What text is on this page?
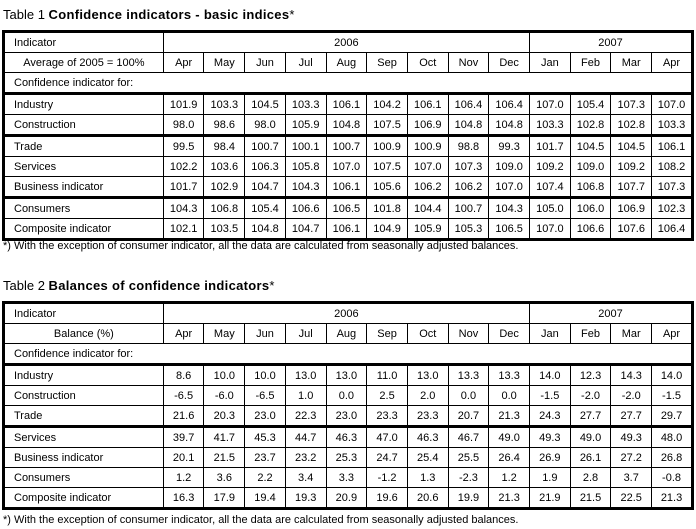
Table 1 Confidence indicators - basic indices*
Indicator	2006									2007			
Average of 2005 = 100%	Apr	May	Jun	Jul	Aug	Sep	Oct	Nov	Dec	Jan	Feb	Mar	Apr
Confidence indicator for:													
Industry	101.9	103.3	104.5	103.3	106.1	104.2	106.1	106.4	106.4	107.0	105.4	107.3	107.0
Construction	98.0	98.6	98.0	105.9	104.8	107.5	106.9	104.8	104.8	103.3	102.8	102.8	103.3
Trade	99.5	98.4	100.7	100.1	100.7	100.9	100.9	98.8	99.3	101.7	104.5	104.5	106.1
Services	102.2	103.6	106.3	105.8	107.0	107.5	107.0	107.3	109.0	109.2	109.0	109.2	108.2
Business indicator	101.7	102.9	104.7	104.3	106.1	105.6	106.2	106.2	107.0	107.4	106.8	107.7	107.3
Consumers	104.3	106.8	105.4	106.6	106.5	101.8	104.4	100.7	104.3	105.0	106.0	106.9	102.3
Composite indicator	102.1	103.5	104.8	104.7	106.1	104.9	105.9	105.3	106.5	107.0	106.6	107.6	106.4
*) With the exception of consumer indicator, all the data are calculated from seasonally adjusted balances.
Table 2 Balances of confidence indicators*
Indicator	2006									2007			
Balance (%)	Apr	May	Jun	Jul	Aug	Sep	Oct	Nov	Dec	Jan	Feb	Mar	Apr
Confidence indicator for:													
Industry	8.6	10.0	10.0	13.0	13.0	11.0	13.0	13.3	13.3	14.0	12.3	14.3	14.0
Construction	-6.5	-6.0	-6.5	1.0	0.0	2.5	2.0	0.0	0.0	-1.5	-2.0	-2.0	-1.5
Trade	21.6	20.3	23.0	22.3	23.0	23.3	23.3	20.7	21.3	24.3	27.7	27.7	29.7
Services	39.7	41.7	45.3	44.7	46.3	47.0	46.3	46.7	49.0	49.3	49.0	49.3	48.0
Business indicator	20.1	21.5	23.7	23.2	25.3	24.7	25.4	25.5	26.4	26.9	26.1	27.2	26.8
Consumers	1.2	3.6	2.2	3.4	3.3	-1.2	1.3	-2.3	1.2	1.9	2.8	3.7	-0.8
Composite indicator	16.3	17.9	19.4	19.3	20.9	19.6	20.6	19.9	21.3	21.9	21.5	22.5	21.3
*) With the exception of consumer indicator, all the data are calculated from seasonally adjusted balances.
